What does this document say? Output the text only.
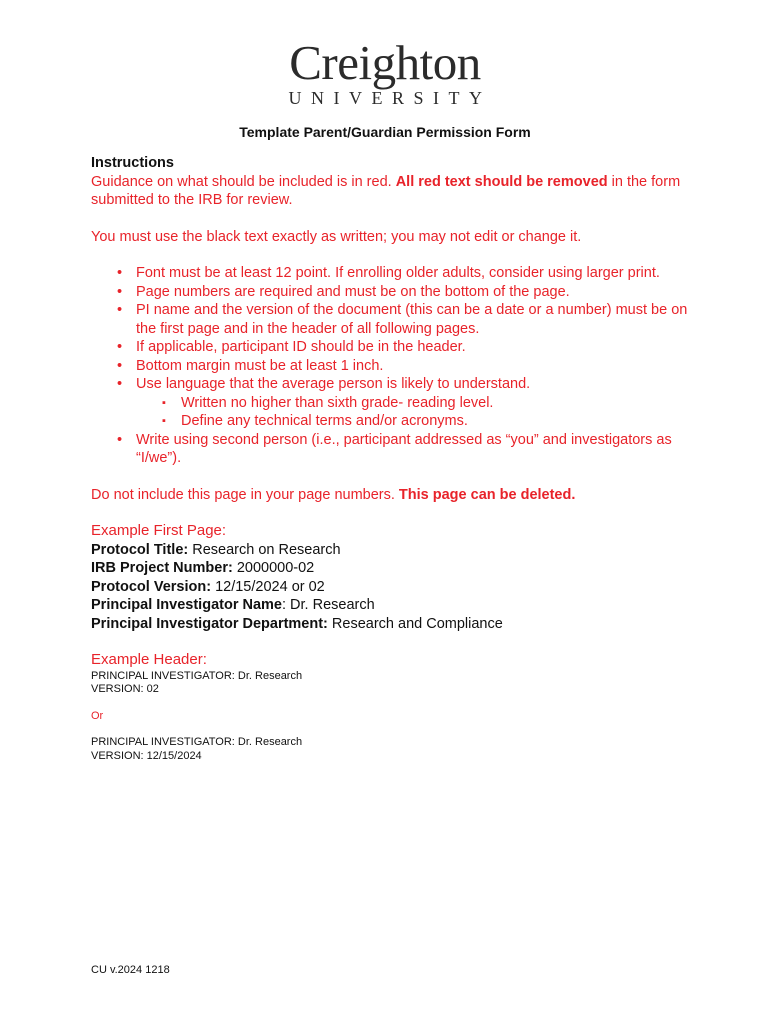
Creighton
UNIVERSITY
Template Parent/Guardian Permission Form

Instructions

Guidance on what should be included is in red. All red text should be removed in the form submitted to the IRB for review.

You must use the black text exactly as written; you may not edit or change it.

• Font must be at least 12 point. If enrolling older adults, consider using larger print.
• Page numbers are required and must be on the bottom of the page.
• PI name and the version of the document (this can be a date or a number) must be on the first page and in the header of all following pages.
• If applicable, participant ID should be in the header.
• Bottom margin must be at least 1 inch.
• Use language that the average person is likely to understand.
▪ Written no higher than sixth grade- reading level.
▪ Define any technical terms and/or acronyms.
• Write using second person (i.e., participant addressed as “you” and investigators as “I/we”).

Do not include this page in your page numbers. This page can be deleted.

Example First Page:

Protocol Title: Research on Research

IRB Project Number: 2000000-02

Protocol Version: 12/15/2024 or 02

Principal Investigator Name: Dr. Research

Principal Investigator Department: Research and Compliance

Example Header:

PRINCIPAL INVESTIGATOR: Dr. Research

VERSION: 02

Or

PRINCIPAL INVESTIGATOR: Dr. Research

VERSION: 12/15/2024

CU v.2024 1218
